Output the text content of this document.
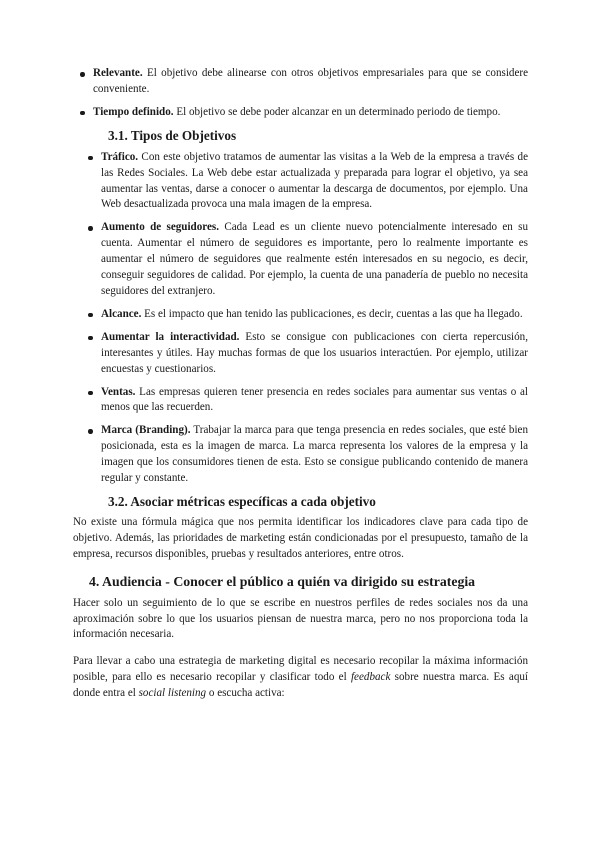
Relevante. El objetivo debe alinearse con otros objetivos empresariales para que se considere conveniente.
Tiempo definido. El objetivo se debe poder alcanzar en un determinado periodo de tiempo.
3.1. Tipos de Objetivos
Tráfico. Con este objetivo tratamos de aumentar las visitas a la Web de la empresa a través de las Redes Sociales. La Web debe estar actualizada y preparada para lograr el objetivo, ya sea aumentar las ventas, darse a conocer o aumentar la descarga de documentos, por ejemplo. Una Web desactualizada provoca una mala imagen de la empresa.
Aumento de seguidores. Cada Lead es un cliente nuevo potencialmente interesado en su cuenta. Aumentar el número de seguidores es importante, pero lo realmente importante es aumentar el número de seguidores que realmente estén interesados en su negocio, es decir, conseguir seguidores de calidad. Por ejemplo, la cuenta de una panadería de pueblo no necesita seguidores del extranjero.
Alcance. Es el impacto que han tenido las publicaciones, es decir, cuentas a las que ha llegado.
Aumentar la interactividad. Esto se consigue con publicaciones con cierta repercusión, interesantes y útiles. Hay muchas formas de que los usuarios interactúen. Por ejemplo, utilizar encuestas y cuestionarios.
Ventas. Las empresas quieren tener presencia en redes sociales para aumentar sus ventas o al menos que las recuerden.
Marca (Branding). Trabajar la marca para que tenga presencia en redes sociales, que esté bien posicionada, esta es la imagen de marca. La marca representa los valores de la empresa y la imagen que los consumidores tienen de esta. Esto se consigue publicando contenido de manera regular y constante.
3.2. Asociar métricas específicas a cada objetivo

No existe una fórmula mágica que nos permita identificar los indicadores clave para cada tipo de objetivo. Además, las prioridades de marketing están condicionadas por el presupuesto, tamaño de la empresa, recursos disponibles, pruebas y resultados anteriores, entre otros.

4. Audiencia - Conocer el público a quién va dirigido su estrategia

Hacer solo un seguimiento de lo que se escribe en nuestros perfiles de redes sociales nos da una aproximación sobre lo que los usuarios piensan de nuestra marca, pero no nos proporciona toda la información necesaria.

Para llevar a cabo una estrategia de marketing digital es necesario recopilar la máxima información posible, para ello es necesario recopilar y clasificar todo el feedback sobre nuestra marca. Es aquí donde entra el social listening o escucha activa:
